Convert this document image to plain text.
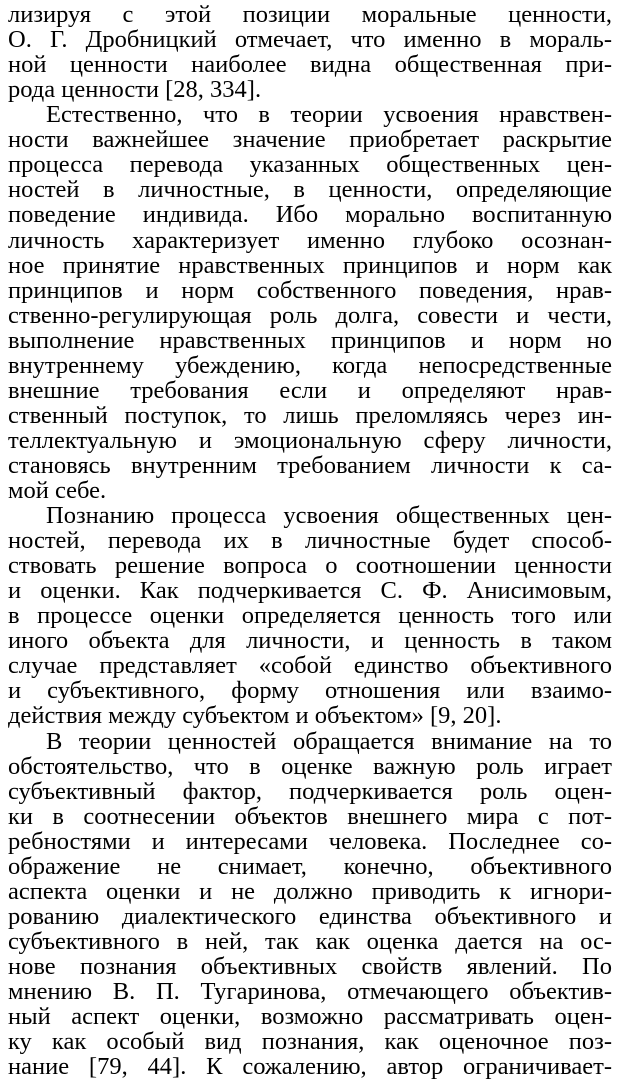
лизируя с этой позиции моральные ценности,
О. Г. Дробницкий отмечает, что именно в мораль-
ной ценности наиболее видна общественная при-
рода ценности [28, 334].
Естественно, что в теории усвоения нравствен-
ности важнейшее значение приобретает раскрытие
процесса перевода указанных общественных цен-
ностей в личностные, в ценности, определяющие
поведение индивида. Ибо морально воспитанную
личность характеризует именно глубоко осознан-
ное принятие нравственных принципов и норм как
принципов и норм собственного поведения, нрав-
ственно-регулирующая роль долга, совести и чести,
выполнение нравственных принципов и норм но
внутреннему убеждению, когда непосредственные
внешние требования если и определяют нрав-
ственный поступок, то лишь преломляясь через ин-
теллектуальную и эмоциональную сферу личности,
становясь внутренним требованием личности к са-
мой себе.
Познанию процесса усвоения общественных цен-
ностей, перевода их в личностные будет способ-
ствовать решение вопроса о соотношении ценности
и оценки. Как подчеркивается С. Ф. Анисимовым,
в процессе оценки определяется ценность того или
иного объекта для личности, и ценность в таком
случае представляет «собой единство объективного
и субъективного, форму отношения или взаимо-
действия между субъектом и объектом» [9, 20].
В теории ценностей обращается внимание на то
обстоятельство, что в оценке важную роль играет
субъективный фактор, подчеркивается роль оцен-
ки в соотнесении объектов внешнего мира с пот-
ребностями и интересами человека. Последнее со-
ображение не снимает, конечно, объективного
аспекта оценки и не должно приводить к игнори-
рованию диалектического единства объективного и
субъективного в ней, так как оценка дается на ос-
нове познания объективных свойств явлений. По
мнению В. П. Тугаринова, отмечающего объектив-
ный аспект оценки, возможно рассматривать оцен-
ку как особый вид познания, как оценочное поз-
нание [79, 44]. К сожалению, автор ограничивает-
